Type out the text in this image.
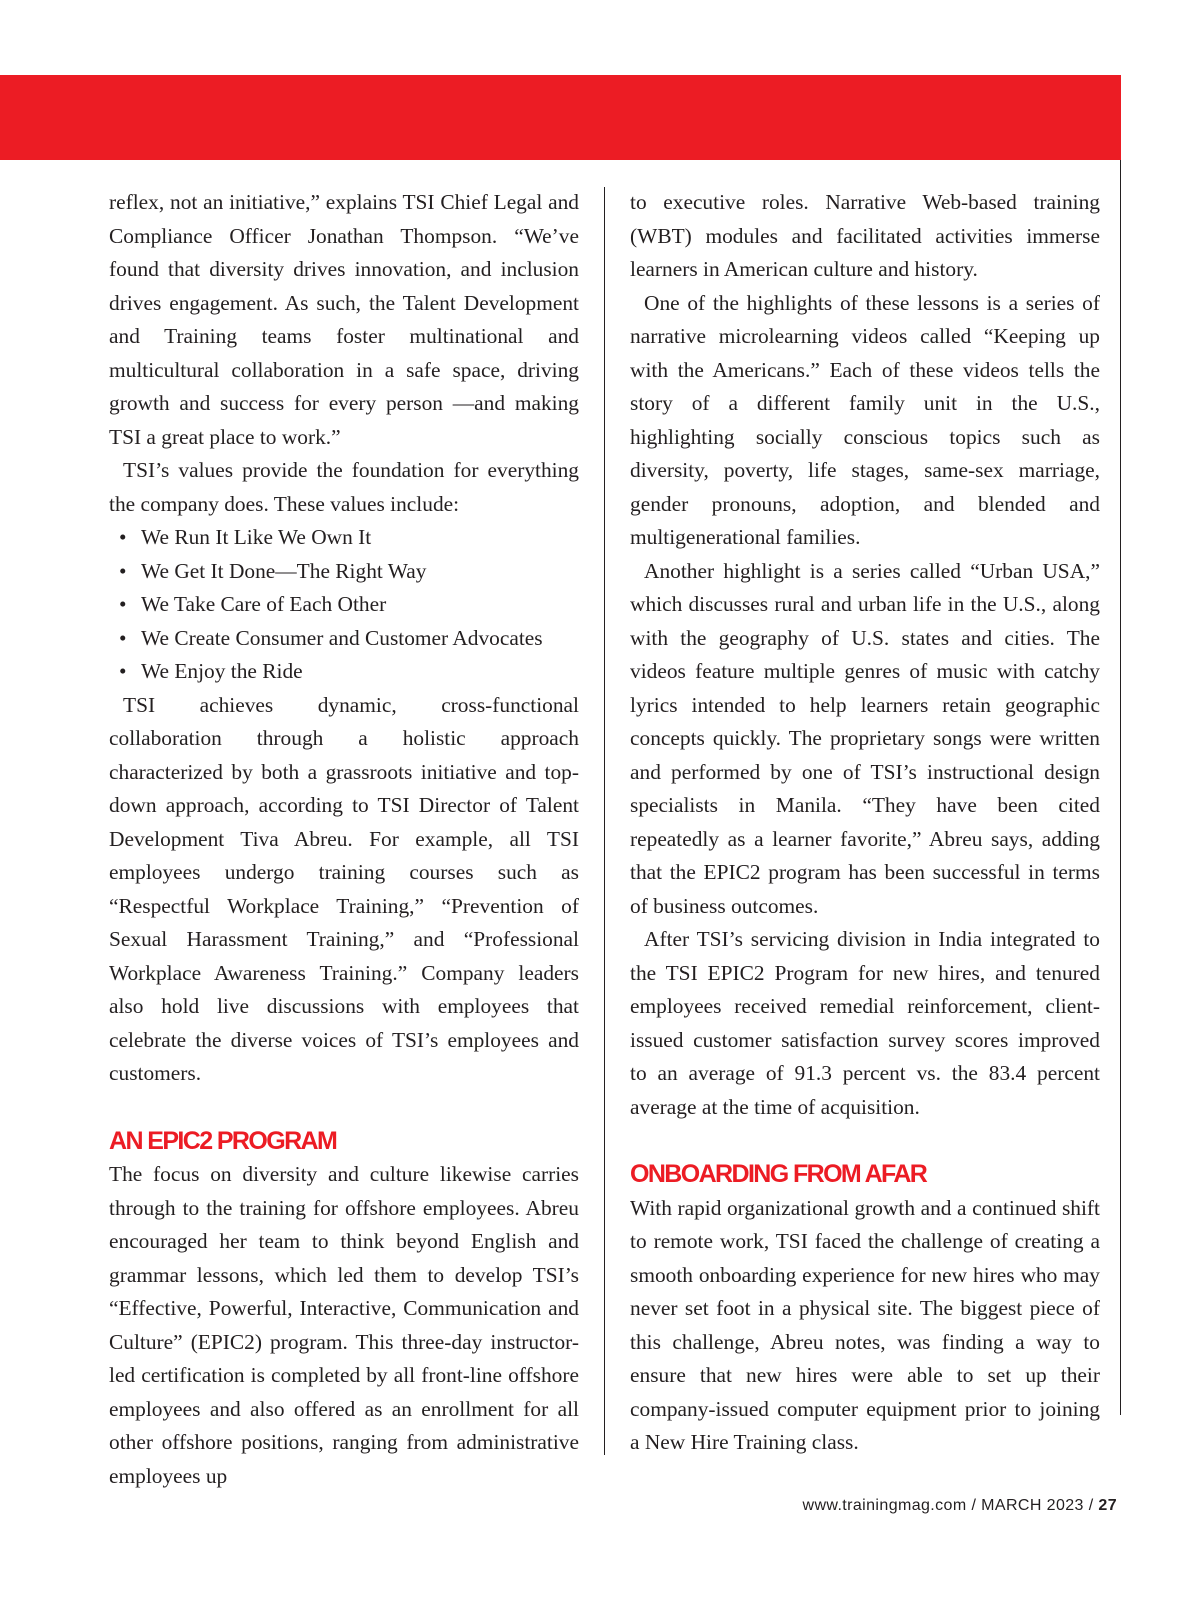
reflex, not an initiative,” explains TSI Chief Legal and Compliance Officer Jonathan Thompson. “We’ve found that diversity drives innovation, and inclusion drives engagement. As such, the Talent Development and Training teams foster multinational and multicultural collaboration in a safe space, driving growth and success for every person —and making TSI a great place to work.”

TSI’s values provide the foundation for everything the company does. These values include:

• We Run It Like We Own It
• We Get It Done—The Right Way
• We Take Care of Each Other
• We Create Consumer and Customer Advocates
• We Enjoy the Ride

TSI achieves dynamic, cross-functional collaboration through a holistic approach characterized by both a grassroots initiative and top-down approach, according to TSI Director of Talent Development Tiva Abreu. For example, all TSI employees undergo training courses such as “Respectful Workplace Training,” “Prevention of Sexual Harassment Training,” and “Professional Workplace Awareness Training.” Company leaders also hold live discussions with employees that celebrate the diverse voices of TSI’s employees and customers.

AN EPIC2 PROGRAM

The focus on diversity and culture likewise carries through to the training for offshore employees. Abreu encouraged her team to think beyond English and grammar lessons, which led them to develop TSI’s “Effective, Powerful, Interactive, Communication and Culture” (EPIC2) program. This three-day instructor-led certification is completed by all front-line offshore employees and also offered as an enrollment for all other offshore positions, ranging from administrative employees up

to executive roles. Narrative Web-based training (WBT) modules and facilitated activities immerse learners in American culture and history.

One of the highlights of these lessons is a series of narrative microlearning videos called “Keeping up with the Americans.” Each of these videos tells the story of a different family unit in the U.S., highlighting socially conscious topics such as diversity, poverty, life stages, same-sex marriage, gender pronouns, adoption, and blended and multigenerational families.

Another highlight is a series called “Urban USA,” which discusses rural and urban life in the U.S., along with the geography of U.S. states and cities. The videos feature multiple genres of music with catchy lyrics intended to help learners retain geographic concepts quickly. The proprietary songs were written and performed by one of TSI’s instructional design specialists in Manila. “They have been cited repeatedly as a learner favorite,” Abreu says, adding that the EPIC2 program has been successful in terms of business outcomes.

After TSI’s servicing division in India integrated to the TSI EPIC2 Program for new hires, and tenured employees received remedial reinforcement, client-issued customer satisfaction survey scores improved to an average of 91.3 percent vs. the 83.4 percent average at the time of acquisition.

ONBOARDING FROM AFAR

With rapid organizational growth and a continued shift to remote work, TSI faced the challenge of creating a smooth onboarding experience for new hires who may never set foot in a physical site. The biggest piece of this challenge, Abreu notes, was finding a way to ensure that new hires were able to set up their company-issued computer equipment prior to joining a New Hire Training class.

www.trainingmag.com / MARCH 2023 / 27
